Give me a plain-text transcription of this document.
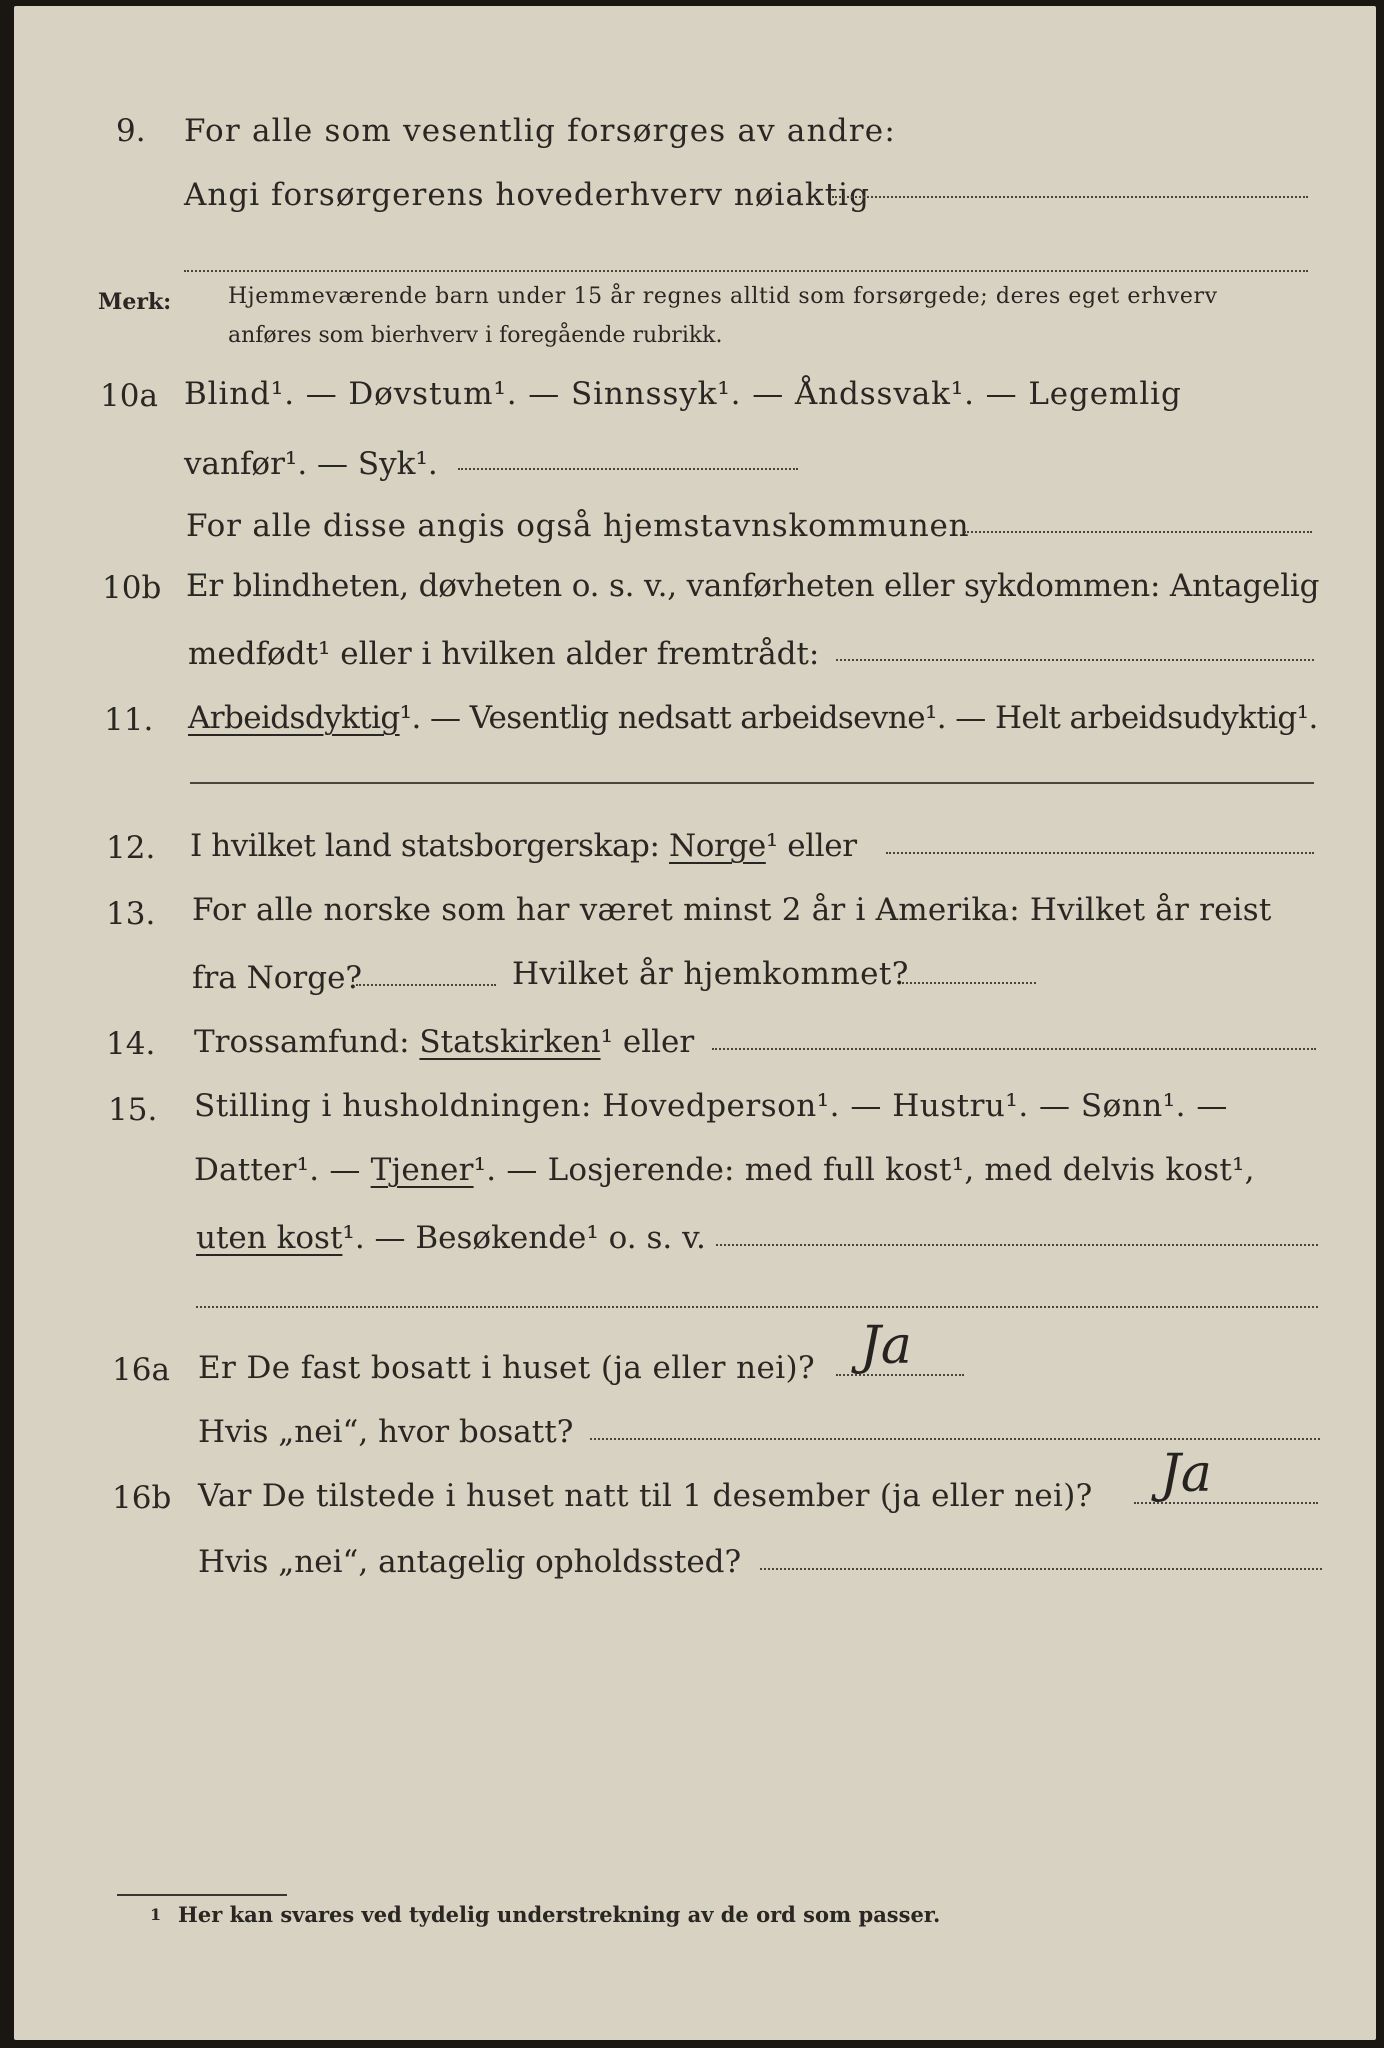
9. For alle som vesentlig forsørges av andre:
Angi forsørgerens hovederhverv nøiaktig
Merk:	Hjemmeværende barn under 15 år regnes alltid som forsørgede; deres eget erhverv
anføres som bierhverv i foregående rubrikk.
10a Blind¹. — Døvstum¹. — Sinnssyk¹. — Åndssvak¹. — Legemlig
vanfør¹. — Syk¹.
For alle disse angis også hjemstavnskommunen
10b Er blindheten, døvheten o. s. v., vanførheten eller sykdommen: Antagelig
medfødt¹ eller i hvilken alder fremtrådt:
11. Arbeidsdyktig¹. — Vesentlig nedsatt arbeidsevne¹. — Helt arbeidsudyktig¹.
12. I hvilket land statsborgerskap: Norge¹ eller
13. For alle norske som har været minst 2 år i Amerika: Hvilket år reist
fra Norge?	Hvilket år hjemkommet?
14. Trossamfund: Statskirken¹ eller
15. Stilling i husholdningen: Hovedperson¹. — Hustru¹. — Sønn¹. —
Datter¹. — Tjener¹. — Losjerende: med full kost¹, med delvis kost¹,
uten kost¹. — Besøkende¹ o. s. v.
16a Er De fast bosatt i huset (ja eller nei)? Ja
Hvis „nei“, hvor bosatt?
16b Var De tilstede i huset natt til 1 desember (ja eller nei)? Ja
Hvis „nei“, antagelig opholdssted?
1 Her kan svares ved tydelig understrekning av de ord som passer.
